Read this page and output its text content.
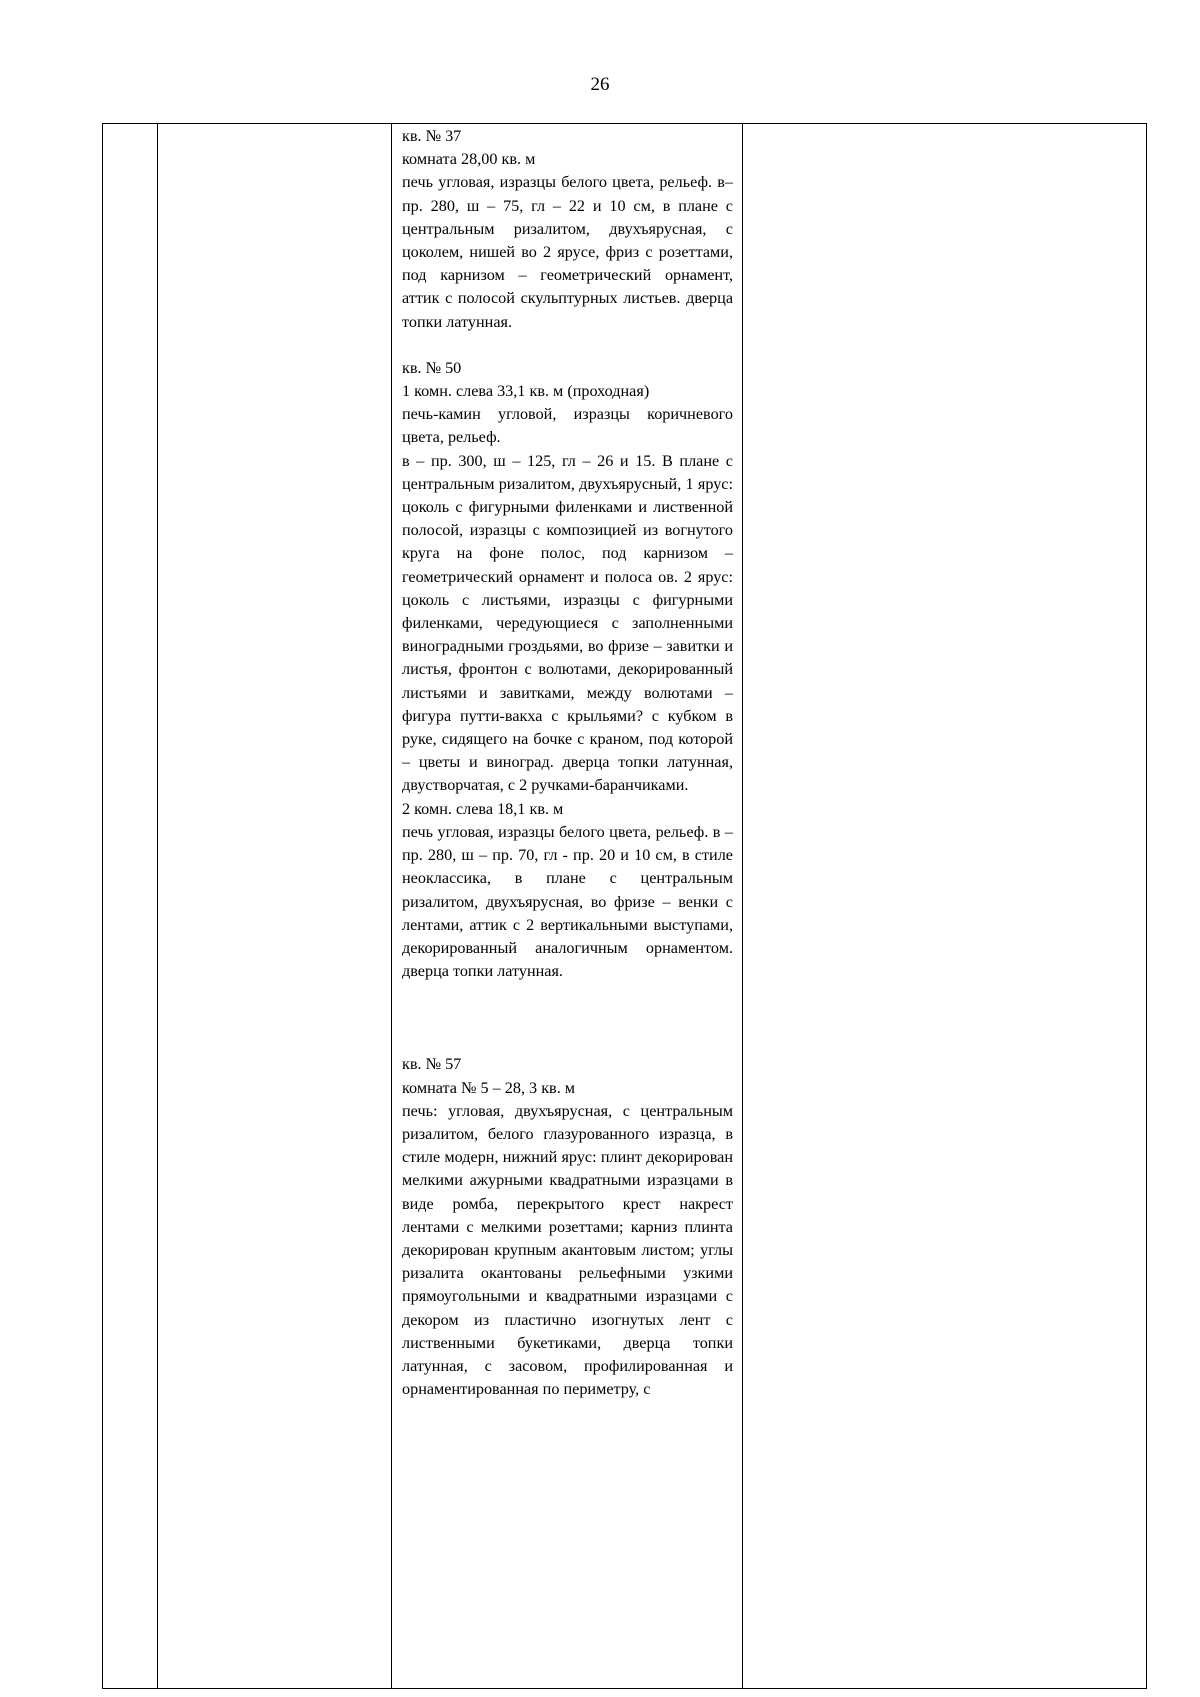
26

кв. № 37

комната 28,00 кв. м

печь угловая, изразцы белого цвета, рельеф. в– пр. 280, ш – 75, гл – 22 и 10 см, в плане с центральным ризалитом, двухъярусная, с цоколем, нишей во 2 ярусе, фриз с розеттами, под карнизом – геометрический орнамент, аттик с полосой скульптурных листьев. дверца топки латунная.

кв. № 50

1 комн. слева 33,1 кв. м (проходная)

печь-камин угловой, изразцы коричневого цвета, рельеф.

в – пр. 300, ш – 125, гл – 26 и 15. В плане с центральным ризалитом, двухъярусный, 1 ярус: цоколь с фигурными филенками и лиственной полосой, изразцы с композицией из вогнутого круга на фоне полос, под карнизом – геометрический орнамент и полоса ов. 2 ярус: цоколь с листьями, изразцы с фигурными филенками, чередующиеся с заполненными виноградными гроздьями, во фризе – завитки и листья, фронтон с волютами, декорированный листьями и завитками, между волютами – фигура путти-вакха с крыльями? с кубком в руке, сидящего на бочке с краном, под которой – цветы и виноград. дверца топки латунная, двустворчатая, с 2 ручками-баранчиками.

2 комн. слева 18,1 кв. м

печь угловая, изразцы белого цвета, рельеф. в – пр. 280, ш – пр. 70, гл - пр. 20 и 10 см, в стиле неоклассика, в плане с центральным ризалитом, двухъярусная, во фризе – венки с лентами, аттик с 2 вертикальными выступами, декорированный аналогичным орнаментом. дверца топки латунная.

кв. № 57

комната № 5 – 28, 3 кв. м

печь: угловая, двухъярусная, с центральным ризалитом, белого глазурованного изразца, в стиле модерн, нижний ярус: плинт декорирован мелкими ажурными квадратными изразцами в виде ромба, перекрытого крест накрест лентами с мелкими розеттами; карниз плинта декорирован крупным акантовым листом; углы ризалита окантованы рельефными узкими прямоугольными и квадратными изразцами с декором из пластично изогнутых лент с лиственными букетиками, дверца топки латунная, с засовом, профилированная и орнаментированная по периметру, с
